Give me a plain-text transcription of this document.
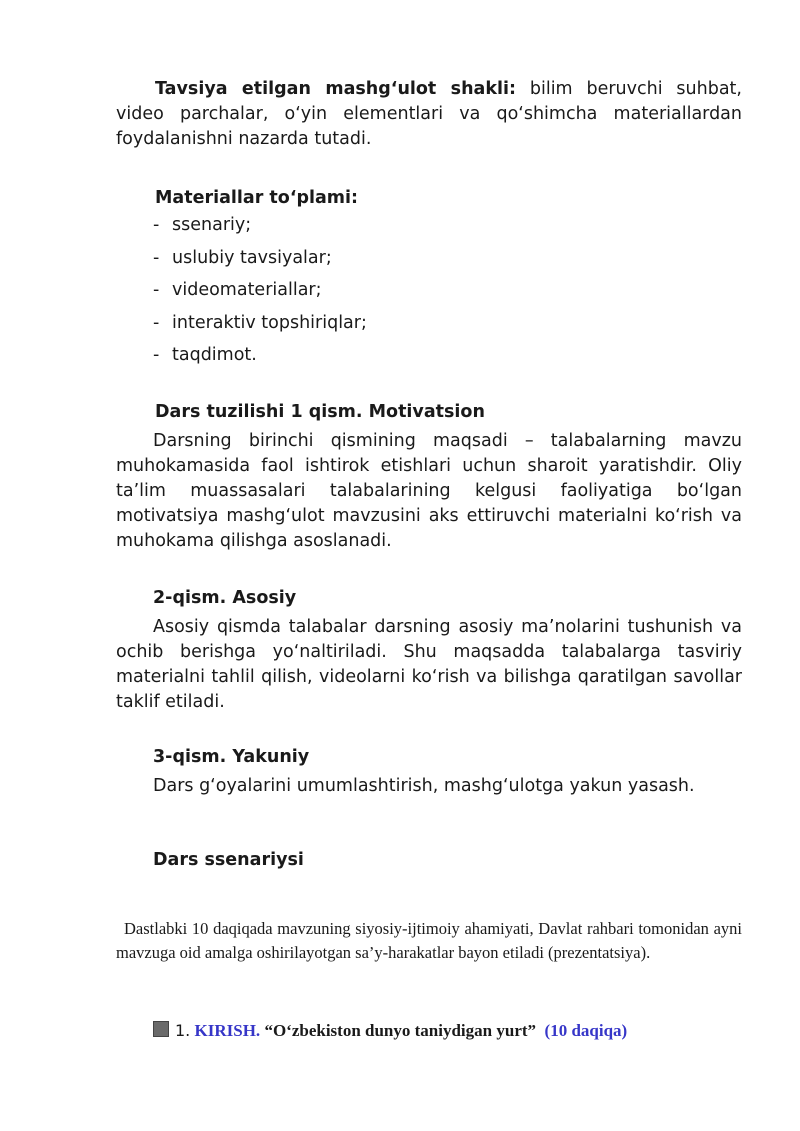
Tavsiya etilgan mashg‘ulot shakli: bilim beruvchi suhbat, video parchalar, o‘yin elementlari va qo‘shimcha materiallardan foydalanishni nazarda tutadi.
Materiallar to‘plami:
- ssenariy;
- uslubiy tavsiyalar;
- videomateriallar;
- interaktiv topshiriqlar;
- taqdimot.
Dars tuzilishi 1 qism. Motivatsion
Darsning birinchi qismining maqsadi – talabalarning mavzu muhokamasida faol ishtirok etishlari uchun sharoit yaratishdir. Oliy ta’lim muassasalari talabalarining kelgusi faoliyatiga bo‘lgan motivatsiya mashg‘ulot mavzusini aks ettiruvchi materialni ko‘rish va muhokama qilishga asoslanadi.
2-qism. Asosiy
Asosiy qismda talabalar darsning asosiy ma’nolarini tushunish va ochib berishga yo‘naltiriladi. Shu maqsadda talabalarga tasviriy materialni tahlil qilish, videolarni ko‘rish va bilishga qaratilgan savollar taklif etiladi.
3-qism. Yakuniy
Dars g‘oyalarini umumlashtirish, mashg‘ulotga yakun yasash.
Dars ssenariysi
Dastlabki 10 daqiqada mavzuning siyosiy-ijtimoiy ahamiyati, Davlat rahbari tomonidan ayni mavzuga oid amalga oshirilayotgan sa’y-harakatlar bayon etiladi (prezentatsiya).
1. KIRISH. “O‘zbekiston dunyo taniydigan yurt” (10 daqiqa)
